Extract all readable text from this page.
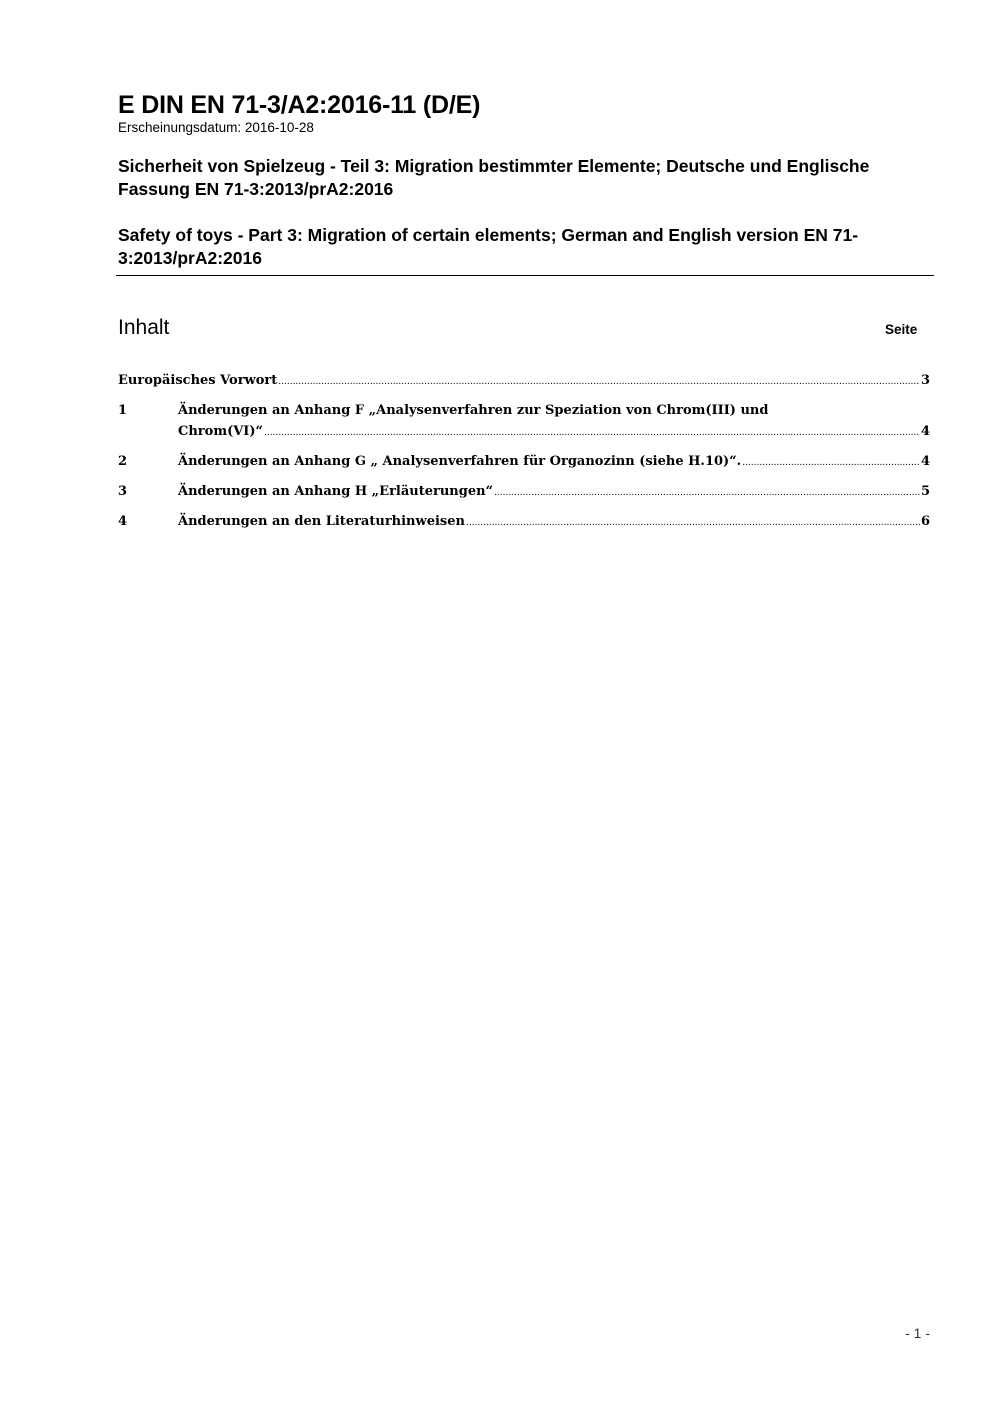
E DIN EN 71-3/A2:2016-11 (D/E)

Erscheinungsdatum: 2016-10-28

Sicherheit von Spielzeug - Teil 3: Migration bestimmter Elemente; Deutsche und Englische Fassung EN 71-3:2013/prA2:2016

Safety of toys - Part 3: Migration of certain elements; German and English version EN 71-3:2013/prA2:2016

Inhalt	Seite
Europäisches Vorwort .....	3
1	Änderungen an Anhang F „Analysenverfahren zur Speziation von Chrom(III) und
Chrom(VI)“ .....	4
2	Änderungen an Anhang G „ Analysenverfahren für Organozinn (siehe H.10)“. .....	4
3	Änderungen an Anhang H „Erläuterungen“ .....	5
4	Änderungen an den Literaturhinweisen .....	6
- 1 -
